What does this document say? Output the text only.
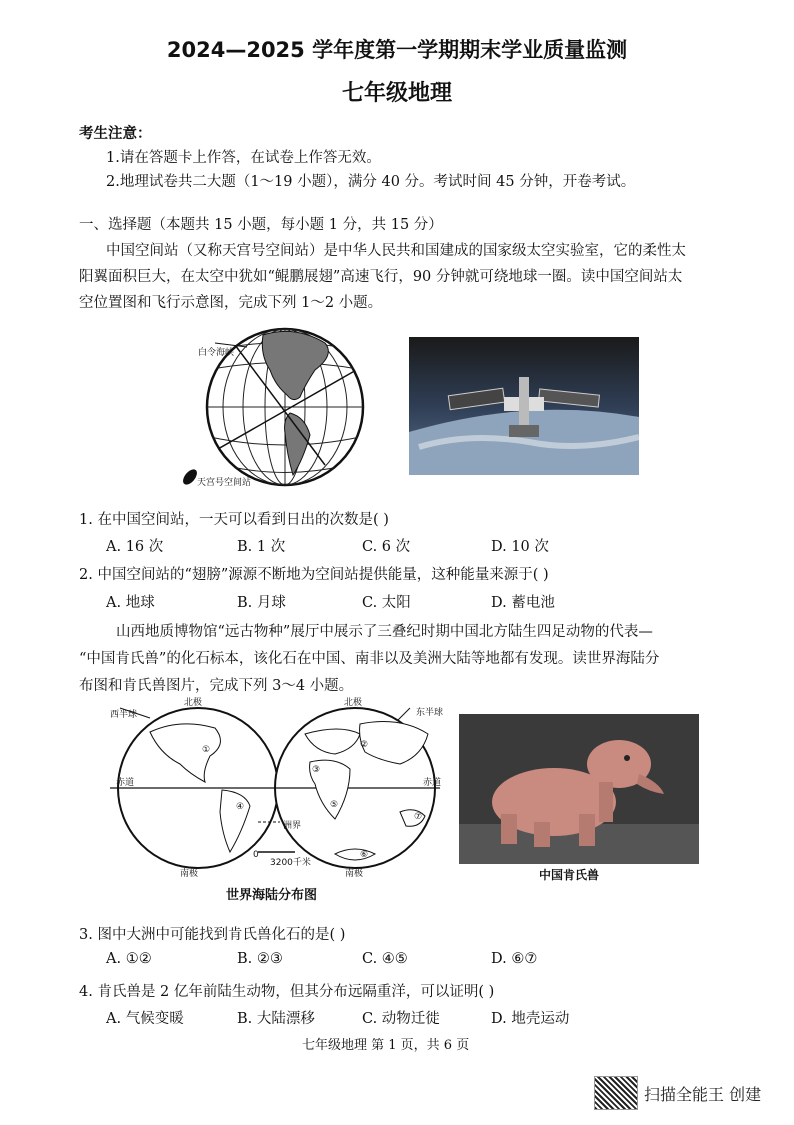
2024—2025 学年度第一学期期末学业质量监测
七年级地理
考生注意：
1.请在答题卡上作答，在试卷上作答无效。
2.地理试卷共二大题（1～19 小题），满分 40 分。考试时间 45 分钟，开卷考试。
一、选择题（本题共 15 小题，每小题 1 分，共 15 分）
中国空间站（又称天宫号空间站）是中华人民共和国建成的国家级太空实验室，它的柔性太
阳翼面积巨大，在太空中犹如“鲲鹏展翅”高速飞行，90 分钟就可绕地球一圈。读中国空间站太
空位置图和飞行示意图，完成下列 1～2 小题。
白令海峡
天宫号空间站
1. 在中国空间站，一天可以看到日出的次数是( )
A. 16 次	B. 1 次	C. 6 次	D. 10 次
2. 中国空间站的“翅膀”源源不断地为空间站提供能量，这种能量来源于( )
A. 地球	B. 月球	C. 太阳	D. 蓄电池
山西地质博物馆“远古物种”展厅中展示了三叠纪时期中国北方陆生四足动物的代表—
“中国肯氏兽”的化石标本，该化石在中国、南非以及美洲大陆等地都有发现。读世界海陆分
布图和肯氏兽图片，完成下列 3～4 小题。
北极	北极
西半球	东半球
赤道	赤道
南极	南极
洲界
0
3200千米
①	②
③
④	⑤
⑥
⑦
世界海陆分布图
中国肯氏兽
3. 图中大洲中可能找到肯氏兽化石的是( )
A. ①②	B. ②③	C. ④⑤	D. ⑥⑦
4. 肯氏兽是 2 亿年前陆生动物，但其分布远隔重洋，可以证明( )
A. 气候变暖	B. 大陆漂移	C. 动物迁徙	D. 地壳运动
七年级地理 第 1 页，共 6 页
扫描全能王 创建
